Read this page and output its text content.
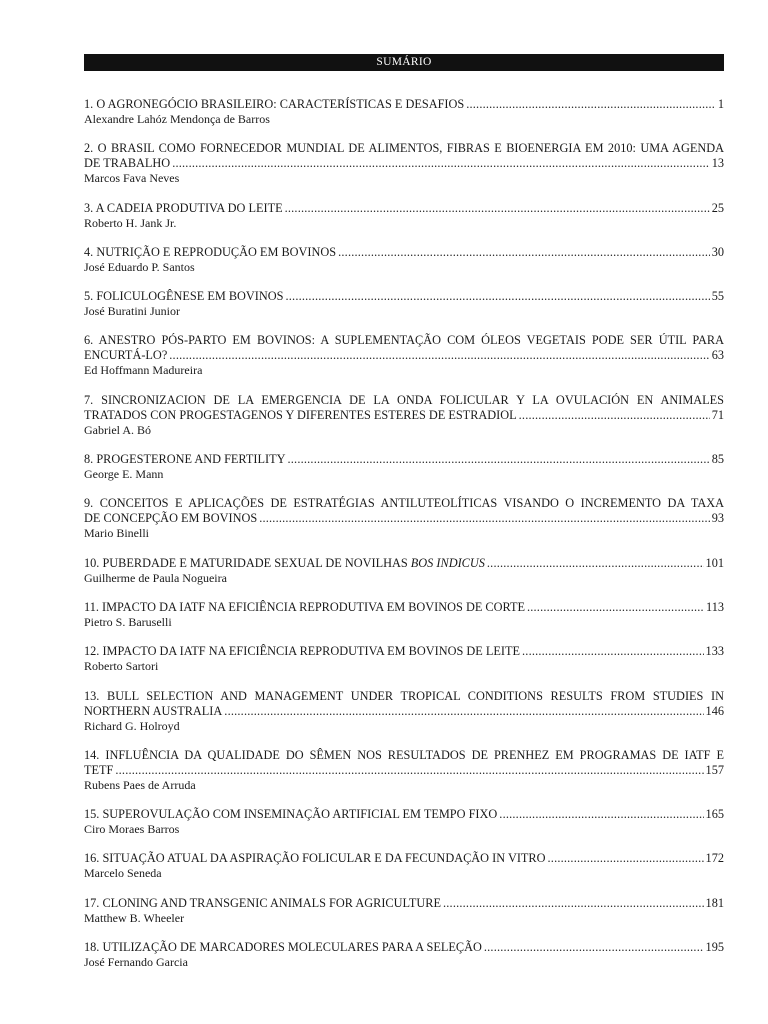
SUMÁRIO
1. O AGRONEGÓCIO BRASILEIRO: CARACTERÍSTICAS E DESAFIOS .....	1
Alexandre Lahóz Mendonça de Barros
2. O BRASIL COMO FORNECEDOR MUNDIAL DE ALIMENTOS, FIBRAS E BIOENERGIA EM 2010: UMA AGENDA
DE TRABALHO .....	13
Marcos Fava Neves
3. A CADEIA PRODUTIVA DO LEITE .....	25
Roberto H. Jank Jr.
4. NUTRIÇÃO E REPRODUÇÃO EM BOVINOS .....	30
José Eduardo P. Santos
5. FOLICULOGÊNESE EM BOVINOS .....	55
José Buratini Junior
6. ANESTRO PÓS-PARTO EM BOVINOS: A SUPLEMENTAÇÃO COM ÓLEOS VEGETAIS PODE SER ÚTIL PARA
ENCURTÁ-LO? .....	63
Ed Hoffmann Madureira
7. SINCRONIZACION DE LA EMERGENCIA DE LA ONDA FOLICULAR Y LA OVULACIÓN EN ANIMALES
TRATADOS CON PROGESTAGENOS Y DIFERENTES ESTERES DE ESTRADIOL .....	71
Gabriel A. Bó
8. PROGESTERONE AND FERTILITY .....	85
George E. Mann
9. CONCEITOS E APLICAÇÕES DE ESTRATÉGIAS ANTILUTEOLÍTICAS VISANDO O INCREMENTO DA TAXA
DE CONCEPÇÃO EM BOVINOS .....	93
Mario Binelli
10. PUBERDADE E MATURIDADE SEXUAL DE NOVILHAS BOS INDICUS .....	101
Guilherme de Paula Nogueira
11. IMPACTO DA IATF NA EFICIÊNCIA REPRODUTIVA EM BOVINOS DE CORTE .....	113
Pietro S. Baruselli
12. IMPACTO DA IATF NA EFICIÊNCIA REPRODUTIVA EM BOVINOS DE LEITE .....	133
Roberto Sartori
13. BULL SELECTION AND MANAGEMENT UNDER TROPICAL CONDITIONS RESULTS FROM STUDIES IN
NORTHERN AUSTRALIA .....	146
Richard G. Holroyd
14. INFLUÊNCIA DA QUALIDADE DO SÊMEN NOS RESULTADOS DE PRENHEZ EM PROGRAMAS DE IATF E
TETF .....	157
Rubens Paes de Arruda
15. SUPEROVULAÇÃO COM INSEMINAÇÃO ARTIFICIAL EM TEMPO FIXO .....	165
Ciro Moraes Barros
16. SITUAÇÃO ATUAL DA ASPIRAÇÃO FOLICULAR E DA FECUNDAÇÃO IN VITRO .....	172
Marcelo Seneda
17. CLONING AND TRANSGENIC ANIMALS FOR AGRICULTURE .....	181
Matthew B. Wheeler
18. UTILIZAÇÃO DE MARCADORES MOLECULARES PARA A SELEÇÃO .....	195
José Fernando Garcia
